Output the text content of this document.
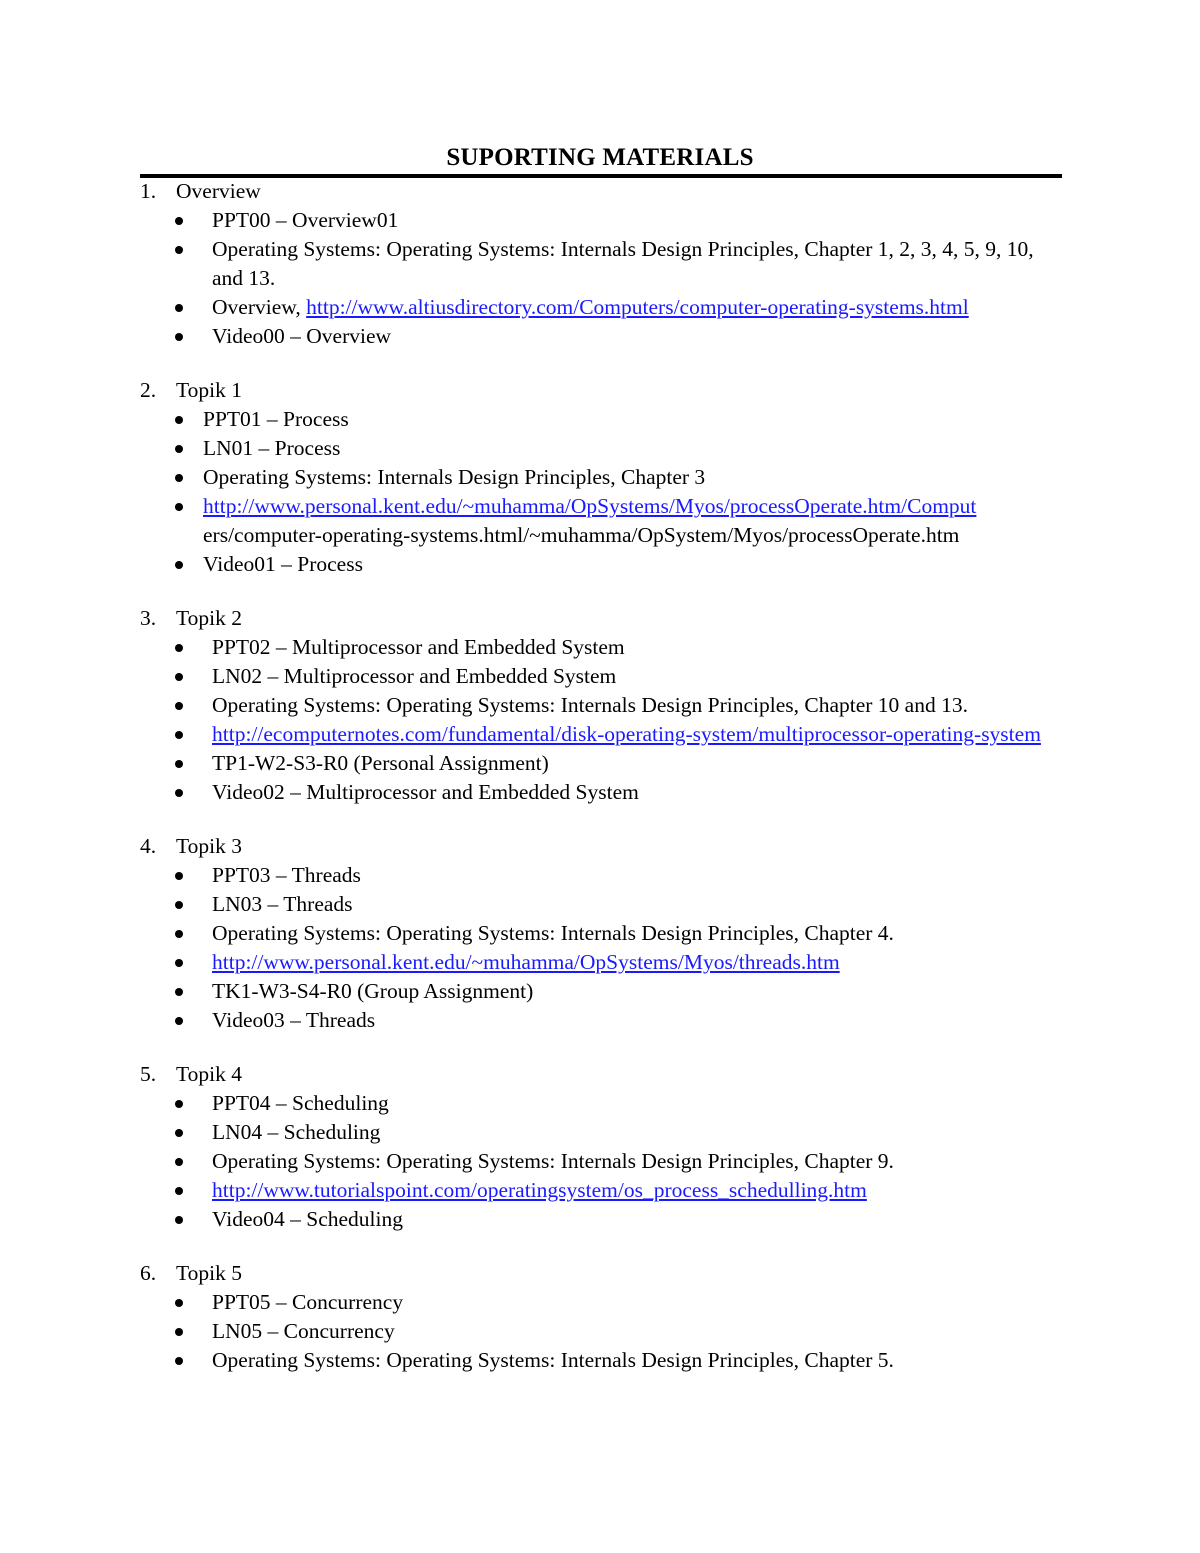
SUPORTING MATERIALS
1. Overview
PPT00 – Overview01
Operating Systems: Operating Systems: Internals Design Principles, Chapter 1, 2, 3, 4, 5, 9, 10, and 13.
Overview, http://www.altiusdirectory.com/Computers/computer-operating-systems.html
Video00 – Overview
2. Topik 1
PPT01 – Process
LN01 – Process
Operating Systems: Internals Design Principles, Chapter 3
http://www.personal.kent.edu/~muhamma/OpSystems/Myos/processOperate.htm/Comput
ers/computer-operating-systems.html/~muhamma/OpSystem/Myos/processOperate.htm
Video01 – Process
3. Topik 2
PPT02 – Multiprocessor and Embedded System
LN02 – Multiprocessor and Embedded System
Operating Systems: Operating Systems: Internals Design Principles, Chapter 10 and 13.
http://ecomputernotes.com/fundamental/disk-operating-system/multiprocessor-operating-system
TP1-W2-S3-R0 (Personal Assignment)
Video02 – Multiprocessor and Embedded System
4. Topik 3
PPT03 – Threads
LN03 – Threads
Operating Systems: Operating Systems: Internals Design Principles, Chapter 4.
http://www.personal.kent.edu/~muhamma/OpSystems/Myos/threads.htm
TK1-W3-S4-R0 (Group Assignment)
Video03 – Threads
5. Topik 4
PPT04 – Scheduling
LN04 – Scheduling
Operating Systems: Operating Systems: Internals Design Principles, Chapter 9.
http://www.tutorialspoint.com/operatingsystem/os_process_schedulling.htm
Video04 – Scheduling
6. Topik 5
PPT05 – Concurrency
LN05 – Concurrency
Operating Systems: Operating Systems: Internals Design Principles, Chapter 5.
